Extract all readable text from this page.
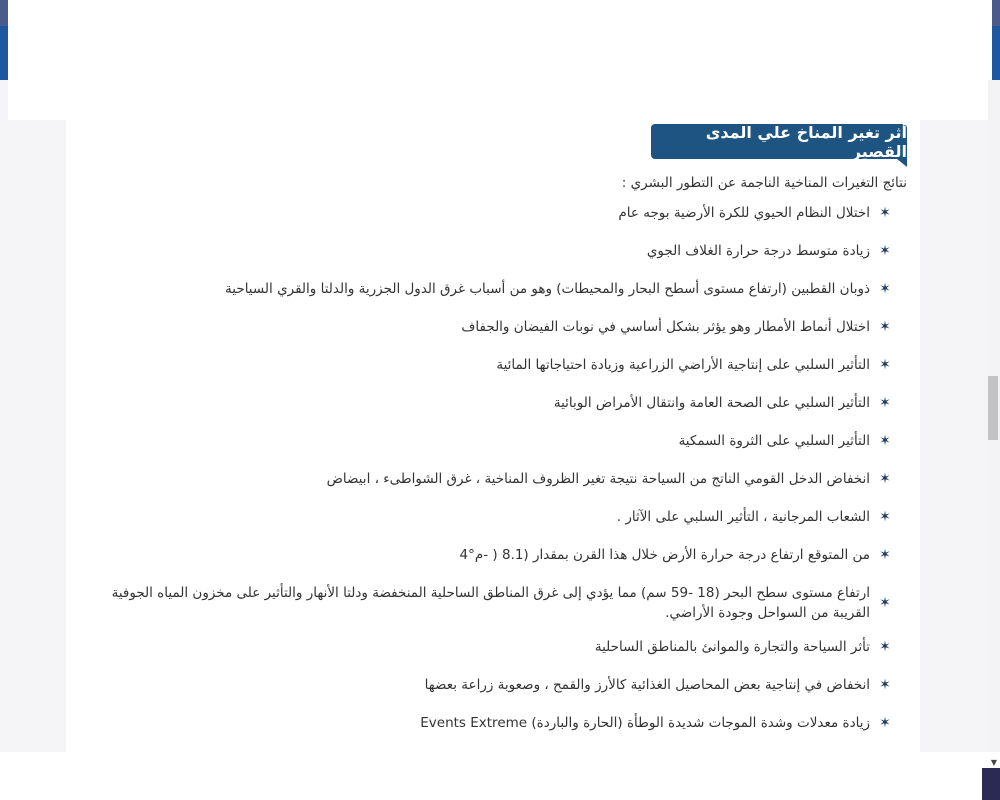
▼
أثر تغير المناخ علي المدى القصير
نتائج التغيرات المناخية الناجمة عن التطور البشري :
✶
اختلال النظام الحيوي للكرة الأرضية بوجه عام
✶
زيادة متوسط درجة حرارة الغلاف الجوي
✶
ذوبان القطبين (ارتفاع مستوى أسطح البحار والمحيطات) وهو من أسباب غرق الدول الجزرية والدلتا والقري السياحية
✶
اختلال أنماط الأمطار وهو يؤثر بشكل أساسي في نوبات الفيضان والجفاف
✶
التأثير السلبي على إنتاجية الأراضي الزراعية وزيادة احتياجاتها المائية
✶
التأثير السلبي على الصحة العامة وانتقال الأمراض الوبائية
✶
التأثير السلبي على الثروة السمكية
✶
انخفاض الدخل القومي الناتج من السياحة نتيجة تغير الظروف المناخية ، غرق الشواطىء ، ابيضاض
✶
الشعاب المرجانية ، التأثير السلبي على الآثار .
✶
من المتوقع ارتفاع درجة حرارة الأرض خلال هذا القرن بمقدار (8.1 ( -م°4
✶
ارتفاع مستوى سطح البحر (18 -59 سم) مما يؤدي إلى غرق المناطق الساحلية المنخفضة ودلتا الأنهار والتأثير على مخزون المياه الجوفية القريبة من السواحل وجودة الأراضي.
✶
تأثر السياحة والتجارة والموانئ بالمناطق الساحلية
✶
انخفاض في إنتاجية بعض المحاصيل الغذائية كالأرز والقمح ، وصعوبة زراعة بعضها
✶
زيادة معدلات وشدة الموجات شديدة الوطأة (الحارة والباردة) Events Extreme
